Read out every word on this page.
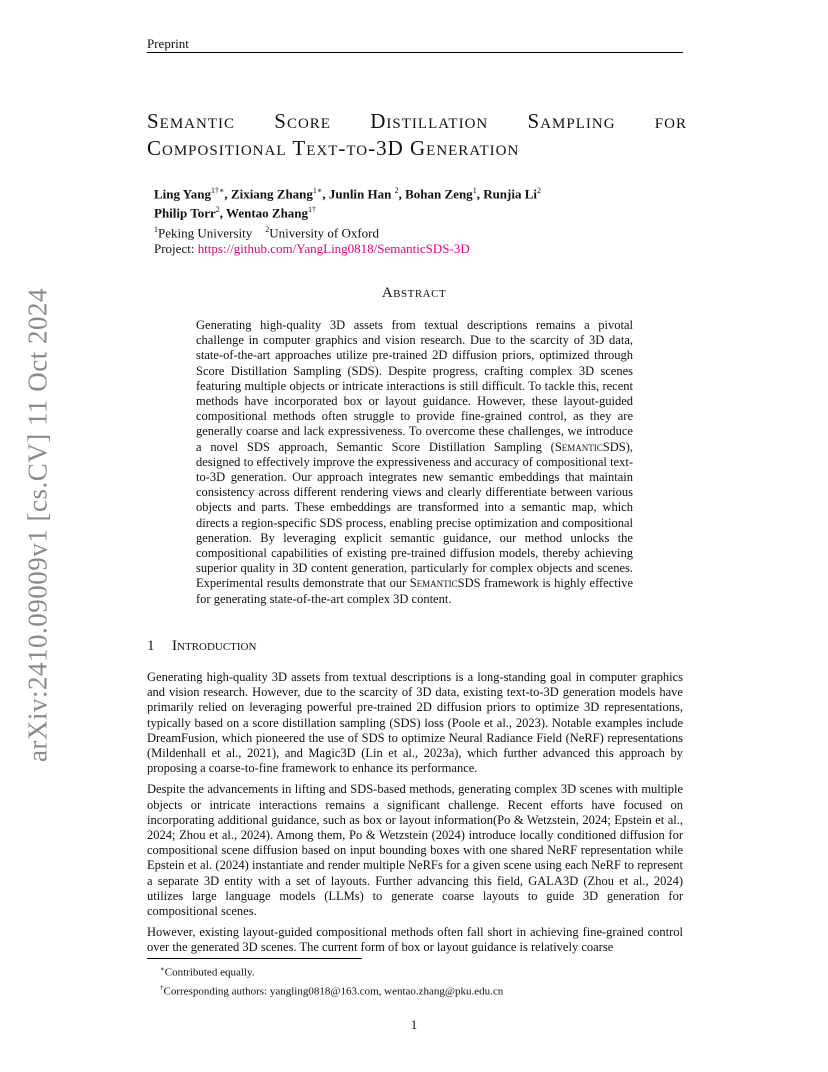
Preprint
arXiv:2410.09009v1 [cs.CV] 11 Oct 2024
Semantic Score Distillation Sampling for
Compositional Text-to-3D Generation
Ling Yang$^{1\dagger∗}$, Zixiang Zhang$^{1∗}$, Junlin Han $^2$, Bohan Zeng$^1$, Runjia Li$^2$
Philip Torr$^2$, Wentao Zhang$^{1\dagger}$
$^1$Peking University $^2$University of Oxford
Project: https://github.com/YangLing0818/SemanticSDS-3D
Abstract
Generating high-quality 3D assets from textual descriptions remains a pivotal challenge in computer graphics and vision research. Due to the scarcity of 3D data, state-of-the-art approaches utilize pre-trained 2D diffusion priors, optimized through Score Distillation Sampling (SDS). Despite progress, crafting complex 3D scenes featuring multiple objects or intricate interactions is still difficult. To tackle this, recent methods have incorporated box or layout guidance. However, these layout-guided compositional methods often struggle to provide fine-grained control, as they are generally coarse and lack expressiveness. To overcome these challenges, we introduce a novel SDS approach, Semantic Score Distillation Sampling (SemanticSDS), designed to effectively improve the expressiveness and accuracy of compositional text-to-3D generation. Our approach integrates new semantic embeddings that maintain consistency across different rendering views and clearly differentiate between various objects and parts. These embeddings are transformed into a semantic map, which directs a region-specific SDS process, enabling precise optimization and compositional generation. By leveraging explicit semantic guidance, our method unlocks the compositional capabilities of existing pre-trained diffusion models, thereby achieving superior quality in 3D content generation, particularly for complex objects and scenes. Experimental results demonstrate that our SemanticSDS framework is highly effective for generating state-of-the-art complex 3D content.
1 Introduction

Generating high-quality 3D assets from textual descriptions is a long-standing goal in computer graphics and vision research. However, due to the scarcity of 3D data, existing text-to-3D generation models have primarily relied on leveraging powerful pre-trained 2D diffusion priors to optimize 3D representations, typically based on a score distillation sampling (SDS) loss (Poole et al., 2023). Notable examples include DreamFusion, which pioneered the use of SDS to optimize Neural Radiance Field (NeRF) representations (Mildenhall et al., 2021), and Magic3D (Lin et al., 2023a), which further advanced this approach by proposing a coarse-to-fine framework to enhance its performance.

Despite the advancements in lifting and SDS-based methods, generating complex 3D scenes with multiple objects or intricate interactions remains a significant challenge. Recent efforts have focused on incorporating additional guidance, such as box or layout information(Po & Wetzstein, 2024; Epstein et al., 2024; Zhou et al., 2024). Among them, Po & Wetzstein (2024) introduce locally conditioned diffusion for compositional scene diffusion based on input bounding boxes with one shared NeRF representation while Epstein et al. (2024) instantiate and render multiple NeRFs for a given scene using each NeRF to represent a separate 3D entity with a set of layouts. Further advancing this field, GALA3D (Zhou et al., 2024) utilizes large language models (LLMs) to generate coarse layouts to guide 3D generation for compositional scenes.

However, existing layout-guided compositional methods often fall short in achieving fine-grained control over the generated 3D scenes. The current form of box or layout guidance is relatively coarse

∗Contributed equally.
†Corresponding authors: yangling0818@163.com, wentao.zhang@pku.edu.cn
1
